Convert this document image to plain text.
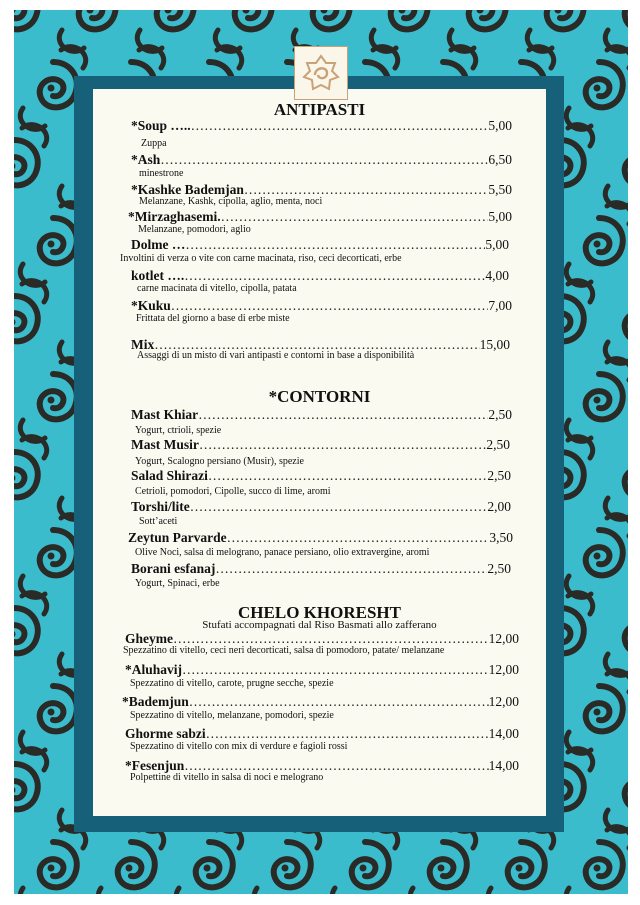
ANTIPASTI
*Soup ….. …………………………………………………………………………………………………	5,00
Zuppa
*Ash …………………………………………………………………………………………………	6,50
minestrone
*Kashke Bademjan …………………………………………………………………………………………………	5,50
Melanzane, Kashk, cipolla, aglio, menta, noci
*Mirzaghasemi. …………………………………………………………………………………………………	5,00
Melanzane, pomodori, aglio
Dolme … …………………………………………………………………………………………………	5,00
Involtini di verza o vite con carne macinata, riso, ceci decorticati, erbe
kotlet …. …………………………………………………………………………………………………	4,00
carne macinata di vitello, cipolla, patata
*Kuku …………………………………………………………………………………………………	7,00
Frittata del giorno a base di erbe miste
Mix …………………………………………………………………………………………………	15,00
Assaggi di un misto di vari antipasti e contorni in base a disponibilità
*CONTORNI
Mast Khiar …………………………………………………………………………………………………	2,50
Yogurt, ctrioli, spezie
Mast Musir …………………………………………………………………………………………………	2,50
Yogurt, Scalogno persiano (Musir), spezie
Salad Shirazi …………………………………………………………………………………………………	2,50
Cetrioli, pomodori, Cipolle, succo di lime, aromi
Torshi/lite …………………………………………………………………………………………………	2,00
Sott’aceti
Zeytun Parvarde …………………………………………………………………………………………………	3,50
Olive Noci, salsa di melograno, panace persiano, olio extravergine, aromi
Borani esfanaj …………………………………………………………………………………………………	2,50
Yogurt, Spinaci, erbe
CHELO KHORESHT
Stufati accompagnati dal Riso Basmati allo zafferano
Gheyme …………………………………………………………………………………………………	12,00
Spezzatino di vitello, ceci neri decorticati, salsa di pomodoro, patate/ melanzane
*Aluhavij …………………………………………………………………………………………………	12,00
Spezzatino di vitello, carote, prugne secche, spezie
*Bademjun …………………………………………………………………………………………………	12,00
Spezzatino di vitello, melanzane, pomodori, spezie
Ghorme sabzi …………………………………………………………………………………………………	14,00
Spezzatino di vitello con mix di verdure e fagioli rossi
*Fesenjun …………………………………………………………………………………………………	14,00
Polpettine di vitello in salsa di noci e melograno
